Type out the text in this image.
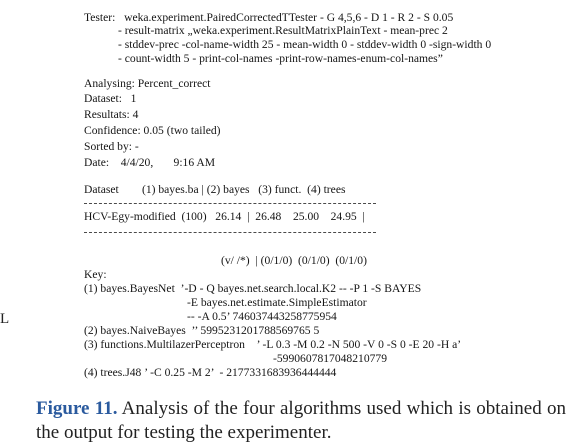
Tester:   weka.experiment.PairedCorrectedTTester - G 4,5,6 - D 1 - R 2 - S 0.05
- result-matrix „weka.experiment.ResultMatrixPlainText - mean-prec 2
- stddev-prec -col-name-width 25 - mean-width 0 - stddev-width 0 -sign-width 0
- count-width 5 - print-col-names -print-row-names-enum-col-names”
Analysing: Percent_correct
Dataset:   1
Resultats: 4
Confidence: 0.05 (two tailed)
Sorted by: -
Date:    4/4/20,       9:16 AM
Dataset        (1) bayes.ba | (2) bayes   (3) funct.  (4) trees
HCV-Egy-modified  (100)   26.14  |  26.48    25.00    24.95  |
(v/ /*)  | (0/1/0)  (0/1/0)  (0/1/0)
Key:
(1) bayes.BayesNet  ’-D - Q bayes.net.search.local.K2 -- -P 1 -S BAYES
-E bayes.net.estimate.SimpleEstimator
-- -A 0.5’ 746037443258775954
(2) bayes.NaiveBayes  ’’ 5995231201788569765 5
(3) functions.MultilazerPerceptron    ’ -L 0.3 -M 0.2 -N 500 -V 0 -S 0 -E 20 -H a’
-5990607817048210779
(4) trees.J48 ’ -C 0.25 -M 2’  - 2177331683936444444
L
Figure 11. Analysis of the four algorithms used which is obtained on the output for testing the experimenter.
